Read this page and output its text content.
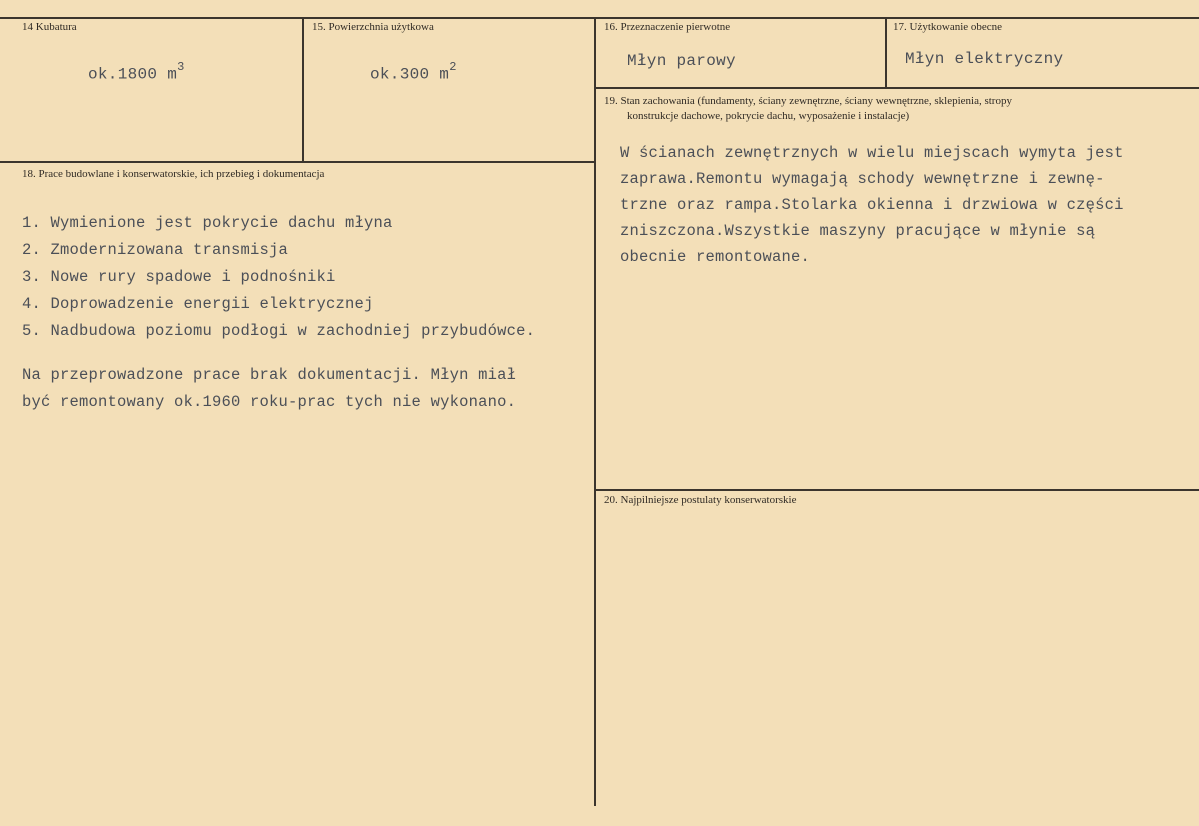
14 Kubatura
ok.1800 $m^3$
15. Powierzchnia użytkowa
ok.300 $m^2$
16. Przeznaczenie pierwotne
Młyn parowy
17. Użytkowanie obecne
Młyn elektryczny
19. Stan zachowania (fundamenty, ściany zewnętrzne, ściany wewnętrzne, sklepienia, stropy
konstrukcje dachowe, pokrycie dachu, wyposażenie i instalacje)
W ścianach zewnętrznych w wielu miejscach wymyta jest
zaprawa.Remontu wymagają schody wewnętrzne i zewnę-
trzne oraz rampa.Stolarka okienna i drzwiowa w części
zniszczona.Wszystkie maszyny pracujące w młynie są
obecnie remontowane.
18. Prace budowlane i konserwatorskie, ich przebieg i dokumentacja
1. Wymienione jest pokrycie dachu młyna
2. Zmodernizowana transmisja
3. Nowe rury spadowe i podnośniki
4. Doprowadzenie energii elektrycznej
5. Nadbudowa poziomu podłogi w zachodniej przybudówce.
Na przeprowadzone prace brak dokumentacji. Młyn miał
być remontowany ok.1960 roku-prac tych nie wykonano.
20. Najpilniejsze postulaty konserwatorskie
